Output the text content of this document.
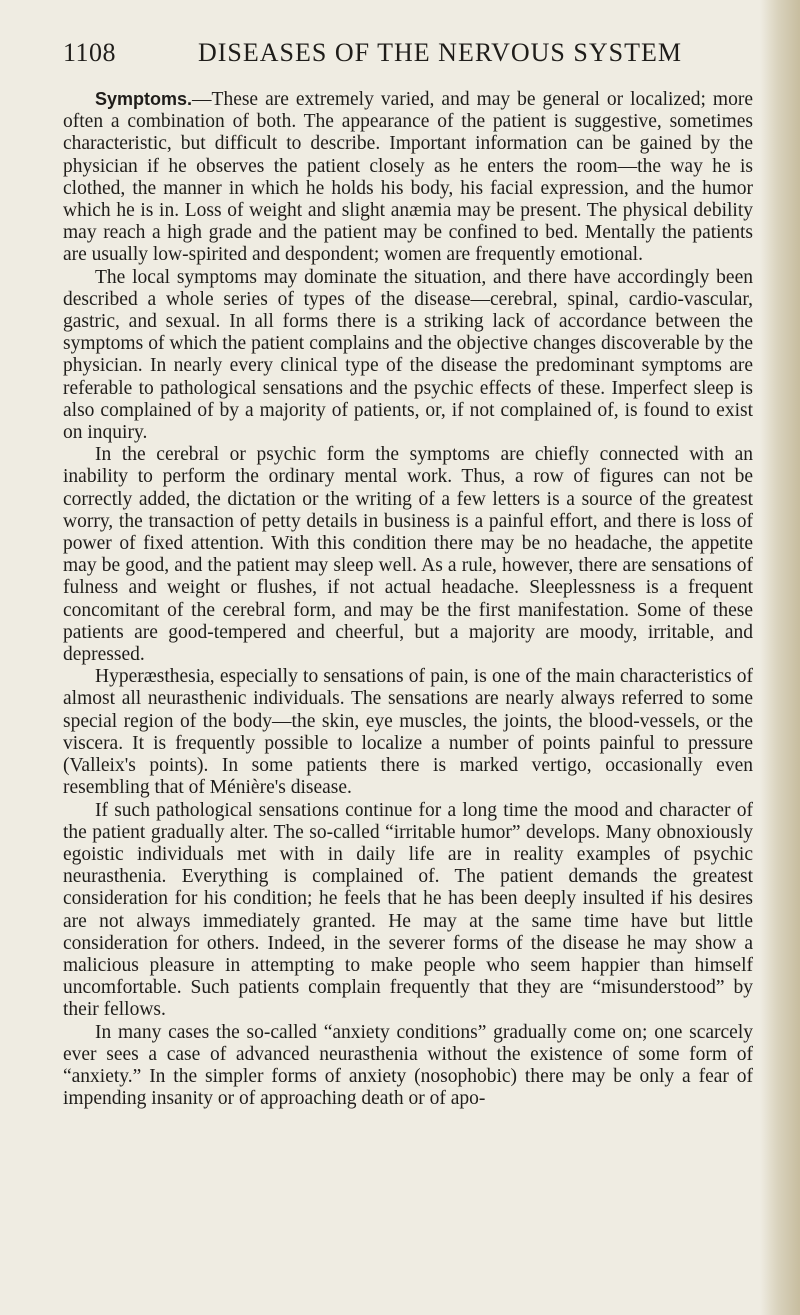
1108	DISEASES OF THE NERVOUS SYSTEM

Symptoms.—These are extremely varied, and may be general or localized; more often a combination of both. The appearance of the patient is suggestive, sometimes characteristic, but difficult to describe. Important information can be gained by the physician if he observes the patient closely as he enters the room—the way he is clothed, the manner in which he holds his body, his facial expression, and the humor which he is in. Loss of weight and slight anæmia may be present. The physical debility may reach a high grade and the patient may be confined to bed. Mentally the patients are usually low-spirited and despondent; women are frequently emotional.

The local symptoms may dominate the situation, and there have accordingly been described a whole series of types of the disease—cerebral, spinal, cardio-vascular, gastric, and sexual. In all forms there is a striking lack of accordance between the symptoms of which the patient complains and the objective changes discoverable by the physician. In nearly every clinical type of the disease the predominant symptoms are referable to pathological sensations and the psychic effects of these. Imperfect sleep is also complained of by a majority of patients, or, if not complained of, is found to exist on inquiry.

In the cerebral or psychic form the symptoms are chiefly connected with an inability to perform the ordinary mental work. Thus, a row of figures can not be correctly added, the dictation or the writing of a few letters is a source of the greatest worry, the transaction of petty details in business is a painful effort, and there is loss of power of fixed attention. With this condition there may be no headache, the appetite may be good, and the patient may sleep well. As a rule, however, there are sensations of fulness and weight or flushes, if not actual headache. Sleeplessness is a frequent concomitant of the cerebral form, and may be the first manifestation. Some of these patients are good-tempered and cheerful, but a majority are moody, irritable, and depressed.

Hyperæsthesia, especially to sensations of pain, is one of the main characteristics of almost all neurasthenic individuals. The sensations are nearly always referred to some special region of the body—the skin, eye muscles, the joints, the blood-vessels, or the viscera. It is frequently possible to localize a number of points painful to pressure (Valleix's points). In some patients there is marked vertigo, occasionally even resembling that of Ménière's disease.

If such pathological sensations continue for a long time the mood and character of the patient gradually alter. The so-called “irritable humor” develops. Many obnoxiously egoistic individuals met with in daily life are in reality examples of psychic neurasthenia. Everything is complained of. The patient demands the greatest consideration for his condition; he feels that he has been deeply insulted if his desires are not always immediately granted. He may at the same time have but little consideration for others. Indeed, in the severer forms of the disease he may show a malicious pleasure in attempting to make people who seem happier than himself uncomfortable. Such patients complain frequently that they are “misunderstood” by their fellows.

In many cases the so-called “anxiety conditions” gradually come on; one scarcely ever sees a case of advanced neurasthenia without the existence of some form of “anxiety.” In the simpler forms of anxiety (nosophobic) there may be only a fear of impending insanity or of approaching death or of apo-
